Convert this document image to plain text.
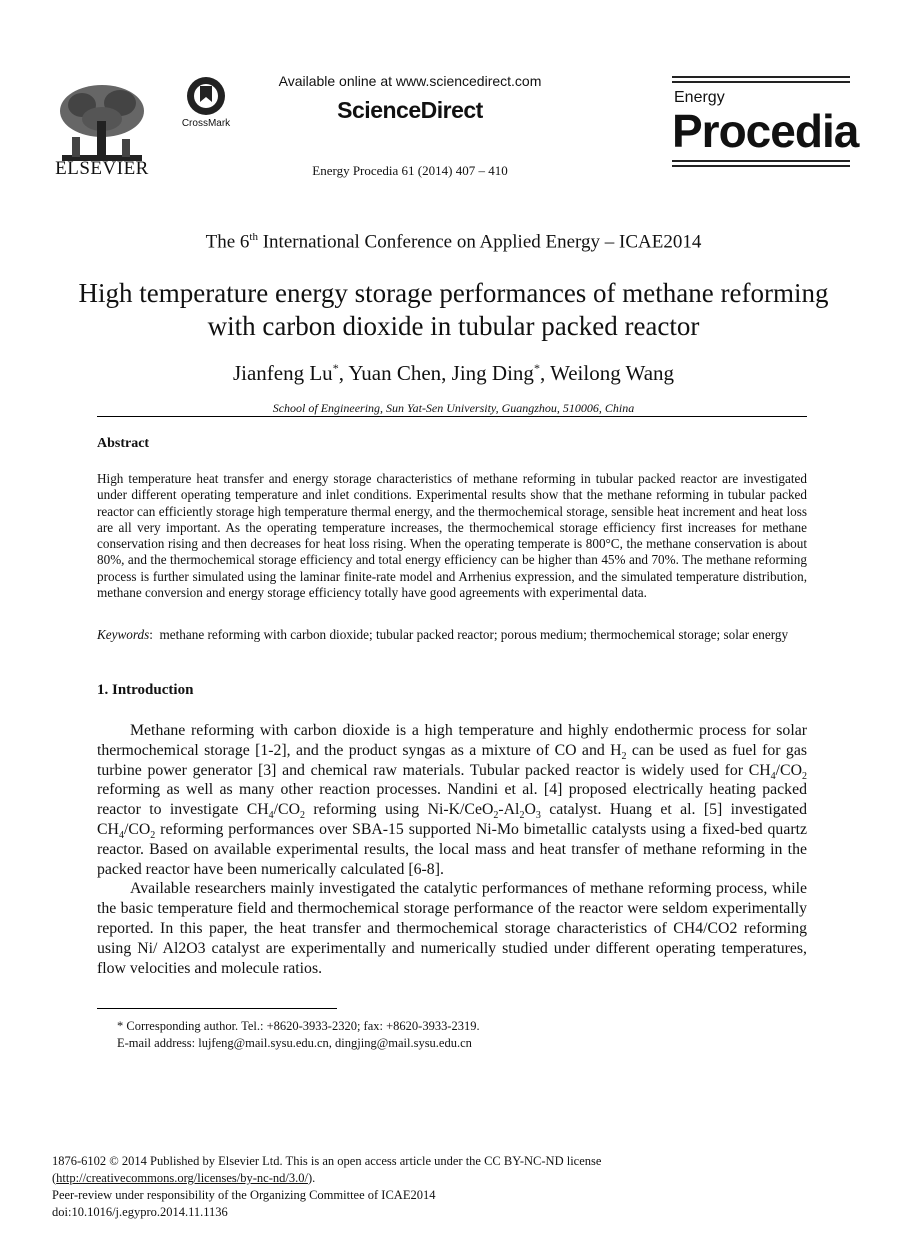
ELSEVIER
CrossMark
Available online at www.sciencedirect.com
ScienceDirect
Energy Procedia 61 (2014) 407 – 410
Energy
Procedia
The 6th International Conference on Applied Energy – ICAE2014
High temperature energy storage performances of methane reforming with carbon dioxide in tubular packed reactor
Jianfeng Lu*, Yuan Chen, Jing Ding*, Weilong Wang
School of Engineering, Sun Yat-Sen University, Guangzhou, 510006, China
Abstract
High temperature heat transfer and energy storage characteristics of methane reforming in tubular packed reactor are investigated under different operating temperature and inlet conditions. Experimental results show that the methane reforming in tubular packed reactor can efficiently storage high temperature thermal energy, and the thermochemical storage, sensible heat increment and heat loss are all very important. As the operating temperature increases, the thermochemical storage efficiency first increases for methane conservation rising and then decreases for heat loss rising. When the operating temperate is 800°C, the methane conservation is about 80%, and the thermochemical storage efficiency and total energy efficiency can be higher than 45% and 70%. The methane reforming process is further simulated using the laminar finite-rate model and Arrhenius expression, and the simulated temperature distribution, methane conversion and energy storage efficiency totally have good agreements with experimental data.
Keywords:  methane reforming with carbon dioxide; tubular packed reactor; porous medium; thermochemical storage; solar energy
1. Introduction

Methane reforming with carbon dioxide is a high temperature and highly endothermic process for solar thermochemical storage [1-2], and the product syngas as a mixture of CO and $H_2$ can be used as fuel for gas turbine power generator [3] and chemical raw materials. Tubular packed reactor is widely used for $CH_4/CO_2$ reforming as well as many other reaction processes. Nandini et al. [4] proposed electrically heating packed reactor to investigate $CH_4/CO_2$ reforming using $Ni-K/CeO_2-Al_2O_3$ catalyst. Huang et al. [5] investigated $CH_4/CO_2$ reforming performances over SBA-15 supported Ni-Mo bimetallic catalysts using a fixed-bed quartz reactor. Based on available experimental results, the local mass and heat transfer of methane reforming in the packed reactor have been numerically calculated [6-8].

Available researchers mainly investigated the catalytic performances of methane reforming process, while the basic temperature field and thermochemical storage performance of the reactor were seldom experimentally reported. In this paper, the heat transfer and thermochemical storage characteristics of CH4/CO2 reforming using Ni/ Al2O3 catalyst are experimentally and numerically studied under different operating temperatures, flow velocities and molecule ratios.

* Corresponding author. Tel.: +8620-3933-2320; fax: +8620-3933-2319.
E-mail address: lujfeng@mail.sysu.edu.cn, dingjing@mail.sysu.edu.cn
1876-6102 © 2014 Published by Elsevier Ltd. This is an open access article under the CC BY-NC-ND license
(http://creativecommons.org/licenses/by-nc-nd/3.0/).
Peer-review under responsibility of the Organizing Committee of ICAE2014
doi:10.1016/j.egypro.2014.11.1136
